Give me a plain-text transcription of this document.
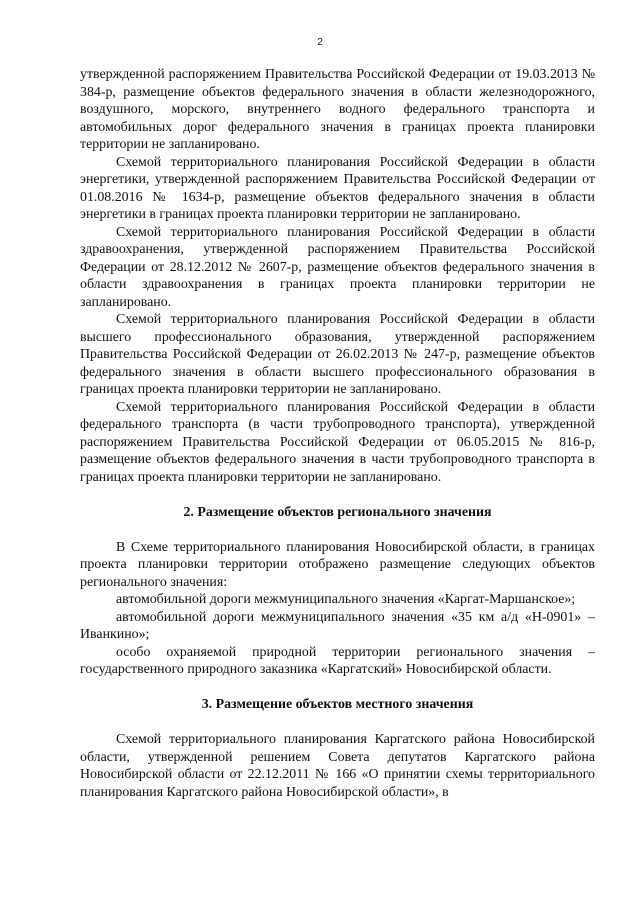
2

утвержденной распоряжением Правительства Российской Федерации от 19.03.2013 № 384-р, размещение объектов федерального значения в области железнодорожного, воздушного, морского, внутреннего водного федерального транспорта и автомобильных дорог федерального значения в границах проекта планировки территории не запланировано.

Схемой территориального планирования Российской Федерации в области энергетики, утвержденной распоряжением Правительства Российской Федерации от 01.08.2016 № 1634-р, размещение объектов федерального значения в области энергетики в границах проекта планировки территории не запланировано.

Схемой территориального планирования Российской Федерации в области здравоохранения, утвержденной распоряжением Правительства Российской Федерации от 28.12.2012 № 2607-р, размещение объектов федерального значения в области здравоохранения в границах проекта планировки территории не запланировано.

Схемой территориального планирования Российской Федерации в области высшего профессионального образования, утвержденной распоряжением Правительства Российской Федерации от 26.02.2013 № 247-р, размещение объектов федерального значения в области высшего профессионального образования в границах проекта планировки территории не запланировано.

Схемой территориального планирования Российской Федерации в области федерального транспорта (в части трубопроводного транспорта), утвержденной распоряжением Правительства Российской Федерации от 06.05.2015 № 816-р, размещение объектов федерального значения в части трубопроводного транспорта в границах проекта планировки территории не запланировано.

2. Размещение объектов регионального значения

В Схеме территориального планирования Новосибирской области, в границах проекта планировки территории отображено размещение следующих объектов регионального значения:

автомобильной дороги межмуниципального значения «Каргат-Маршанское»;

автомобильной дороги межмуниципального значения «35 км а/д «Н-0901» – Иванкино»;

особо охраняемой природной территории регионального значения – государственного природного заказника «Каргатский» Новосибирской области.

3. Размещение объектов местного значения

Схемой территориального планирования Каргатского района Новосибирской области, утвержденной решением Совета депутатов Каргатского района Новосибирской области от 22.12.2011 № 166 «О принятии схемы территориального планирования Каргатского района Новосибирской области», в
